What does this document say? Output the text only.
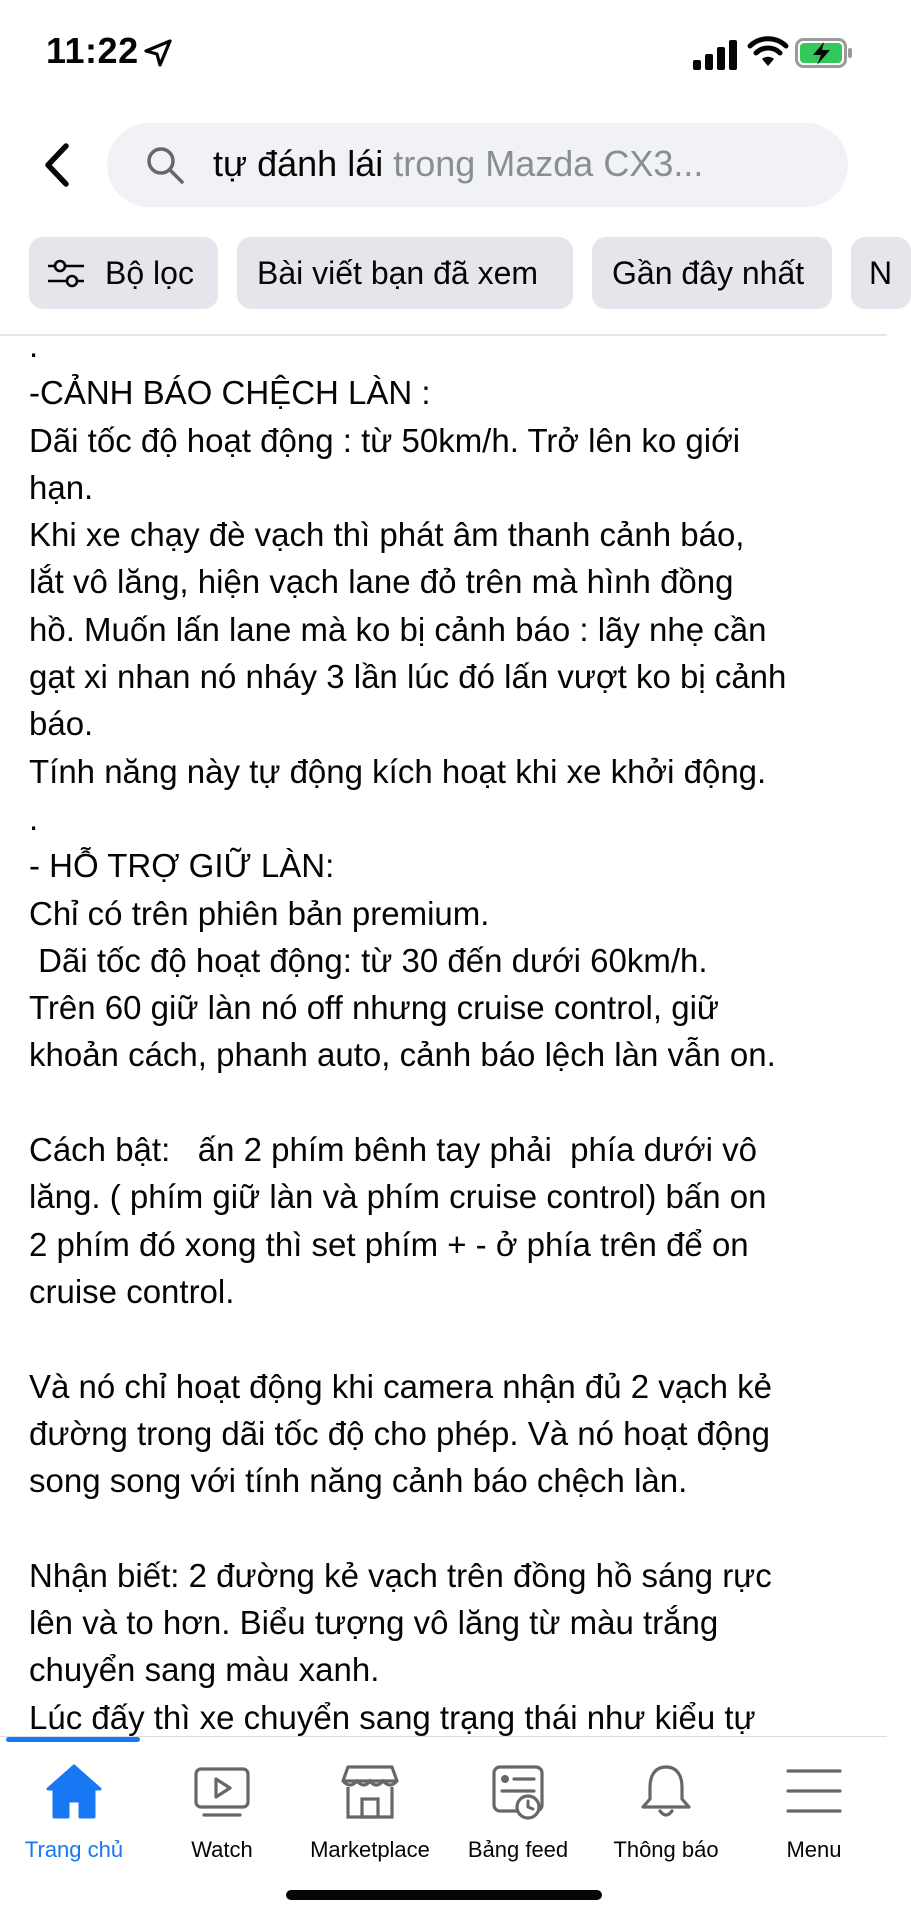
11:22
tự đánh lái trong Mazda CX3...
Bộ lọc Bài viết bạn đã xem Gần đây nhất N
.
-CẢNH BÁO CHỆCH LÀN :
Dãi tốc độ hoạt động : từ 50km/h. Trở lên ko giới
hạn.
Khi xe chạy đè vạch thì phát âm thanh cảnh báo,
lắt vô lăng, hiện vạch lane đỏ trên mà hình đồng
hồ. Muốn lấn lane mà ko bị cảnh báo : lãy nhẹ cần
gạt xi nhan nó nháy 3 lần lúc đó lấn vượt ko bị cảnh
báo.
Tính năng này tự động kích hoạt khi xe khởi động.
.
- HỖ TRỢ GIỮ LÀN:
Chỉ có trên phiên bản premium.
Dãi tốc độ hoạt động: từ 30 đến dưới 60km/h.
Trên 60 giữ làn nó off nhưng cruise control, giữ
khoản cách, phanh auto, cảnh báo lệch làn vẫn on.
Cách bật:   ấn 2 phím bênh tay phải  phía dưới vô
lăng. ( phím giữ làn và phím cruise control) bấn on
2 phím đó xong thì set phím + - ở phía trên để on
cruise control.
Và nó chỉ hoạt động khi camera nhận đủ 2 vạch kẻ
đường trong dãi tốc độ cho phép. Và nó hoạt động
song song với tính năng cảnh báo chệch làn.
Nhận biết: 2 đường kẻ vạch trên đồng hồ sáng rực
lên và to hơn. Biểu tượng vô lăng từ màu trắng
chuyển sang màu xanh.
Lúc đấy thì xe chuyển sang trạng thái như kiểu tự
Trang chủ	Watch	Marketplace	Bảng feed	Thông báo	Menu
